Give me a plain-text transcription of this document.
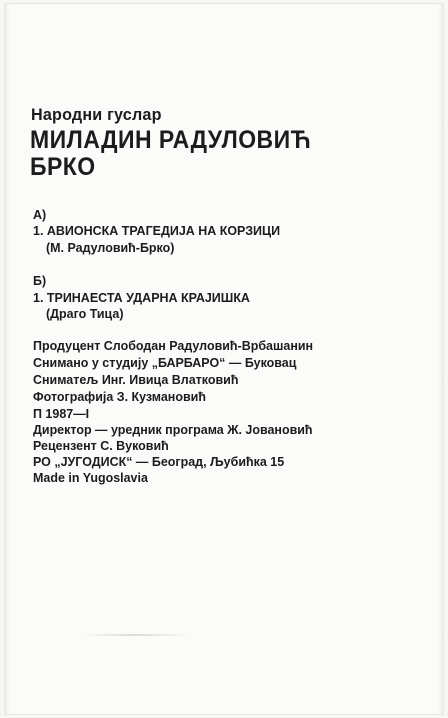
Народни гуслар
МИЛАДИН РАДУЛОВИЋ
БРКО
А)
1. АВИОНСКА ТРАГЕДИЈА НА КОРЗИЦИ
(М. Радуловић-Брко)
Б)
1. ТРИНАЕСТА УДАРНА КРАЈИШКА
(Драго Тица)
Продуцент Слободан Радуловић-Врбашанин
Снимано у студију „БАРБАРО“ — Буковац
Сниматељ Инг. Ивица Влатковић
Фотографија З. Кузмановић
П 1987—I
Директор — уредник програма Ж. Јовановић
Рецензент С. Вуковић
РО „ЈУГОДИСК“ — Београд, Љубићка 15
Made in Yugoslavia
